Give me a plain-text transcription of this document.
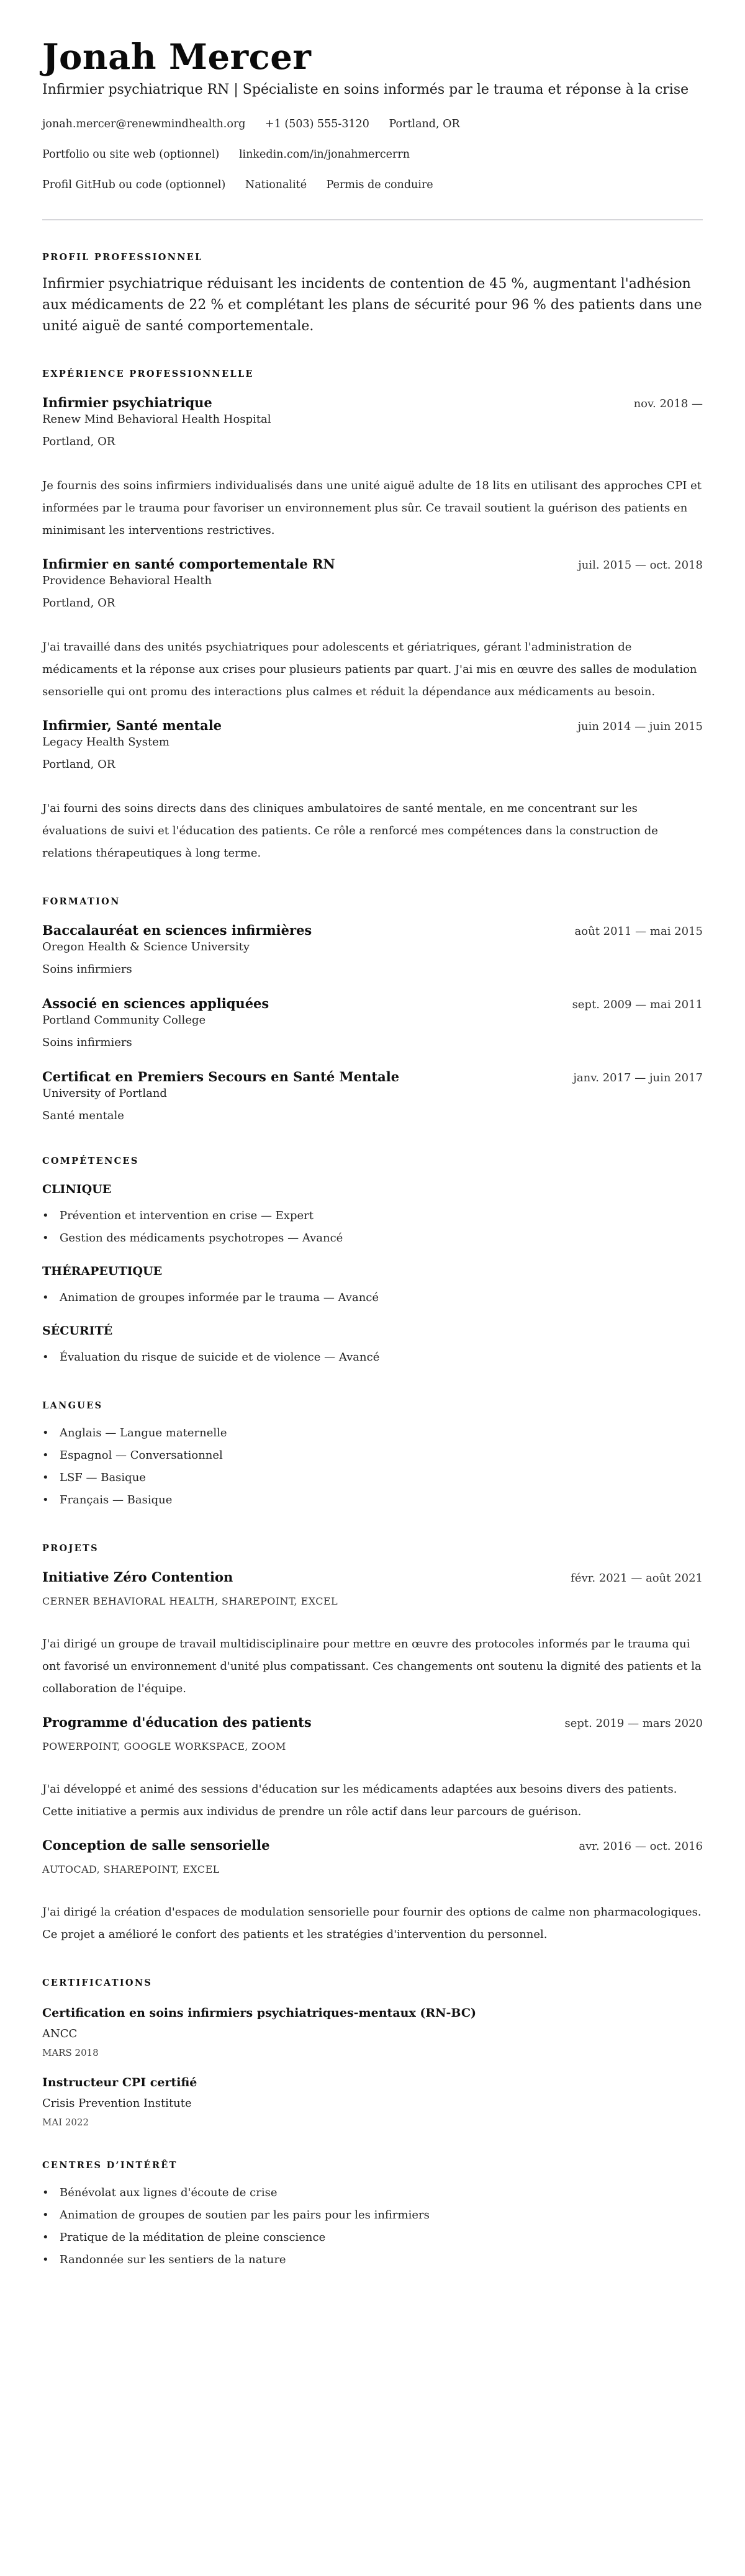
Jonah Mercer
Infirmier psychiatrique RN | Spécialiste en soins informés par le trauma et réponse à la crise
jonah.mercer@renewmindhealth.org +1 (503) 555-3120 Portland, OR
Portfolio ou site web (optionnel) linkedin.com/in/jonahmercerrn
Profil GitHub ou code (optionnel) Nationalité Permis de conduire
PROFIL PROFESSIONNEL

Infirmier psychiatrique réduisant les incidents de contention de 45 %, augmentant l'adhésion aux médicaments de 22 % et complétant les plans de sécurité pour 96 % des patients dans une unité aiguë de santé comportementale.

EXPÉRIENCE PROFESSIONNELLE
Infirmier psychiatrique	nov. 2018 —
Renew Mind Behavioral Health Hospital
Portland, OR

Je fournis des soins infirmiers individualisés dans une unité aiguë adulte de 18 lits en utilisant des approches CPI et informées par le trauma pour favoriser un environnement plus sûr. Ce travail soutient la guérison des patients en minimisant les interventions restrictives.

Infirmier en santé comportementale RN	juil. 2015 — oct. 2018
Providence Behavioral Health
Portland, OR

J'ai travaillé dans des unités psychiatriques pour adolescents et gériatriques, gérant l'administration de médicaments et la réponse aux crises pour plusieurs patients par quart. J'ai mis en œuvre des salles de modulation sensorielle qui ont promu des interactions plus calmes et réduit la dépendance aux médicaments au besoin.

Infirmier, Santé mentale	juin 2014 — juin 2015
Legacy Health System
Portland, OR

J'ai fourni des soins directs dans des cliniques ambulatoires de santé mentale, en me concentrant sur les évaluations de suivi et l'éducation des patients. Ce rôle a renforcé mes compétences dans la construction de relations thérapeutiques à long terme.

FORMATION
Baccalauréat en sciences infirmières	août 2011 — mai 2015
Oregon Health & Science University
Soins infirmiers
Associé en sciences appliquées	sept. 2009 — mai 2011
Portland Community College
Soins infirmiers
Certificat en Premiers Secours en Santé Mentale	janv. 2017 — juin 2017
University of Portland
Santé mentale
COMPÉTENCES
CLINIQUE
• Prévention et intervention en crise — Expert
• Gestion des médicaments psychotropes — Avancé
THÉRAPEUTIQUE
• Animation de groupes informée par le trauma — Avancé
SÉCURITÉ
• Évaluation du risque de suicide et de violence — Avancé
LANGUES
• Anglais — Langue maternelle
• Espagnol — Conversationnel
• LSF — Basique
• Français — Basique
PROJETS
Initiative Zéro Contention	févr. 2021 — août 2021
CERNER BEHAVIORAL HEALTH, SHAREPOINT, EXCEL

J'ai dirigé un groupe de travail multidisciplinaire pour mettre en œuvre des protocoles informés par le trauma qui ont favorisé un environnement d'unité plus compatissant. Ces changements ont soutenu la dignité des patients et la collaboration de l'équipe.

Programme d'éducation des patients	sept. 2019 — mars 2020
POWERPOINT, GOOGLE WORKSPACE, ZOOM

J'ai développé et animé des sessions d'éducation sur les médicaments adaptées aux besoins divers des patients. Cette initiative a permis aux individus de prendre un rôle actif dans leur parcours de guérison.

Conception de salle sensorielle	avr. 2016 — oct. 2016
AUTOCAD, SHAREPOINT, EXCEL

J'ai dirigé la création d'espaces de modulation sensorielle pour fournir des options de calme non pharmacologiques. Ce projet a amélioré le confort des patients et les stratégies d'intervention du personnel.

CERTIFICATIONS
Certification en soins infirmiers psychiatriques-mentaux (RN-BC)
ANCC
MARS 2018
Instructeur CPI certifié
Crisis Prevention Institute
MAI 2022
CENTRES D’INTÉRÊT
• Bénévolat aux lignes d'écoute de crise
• Animation de groupes de soutien par les pairs pour les infirmiers
• Pratique de la méditation de pleine conscience
• Randonnée sur les sentiers de la nature
